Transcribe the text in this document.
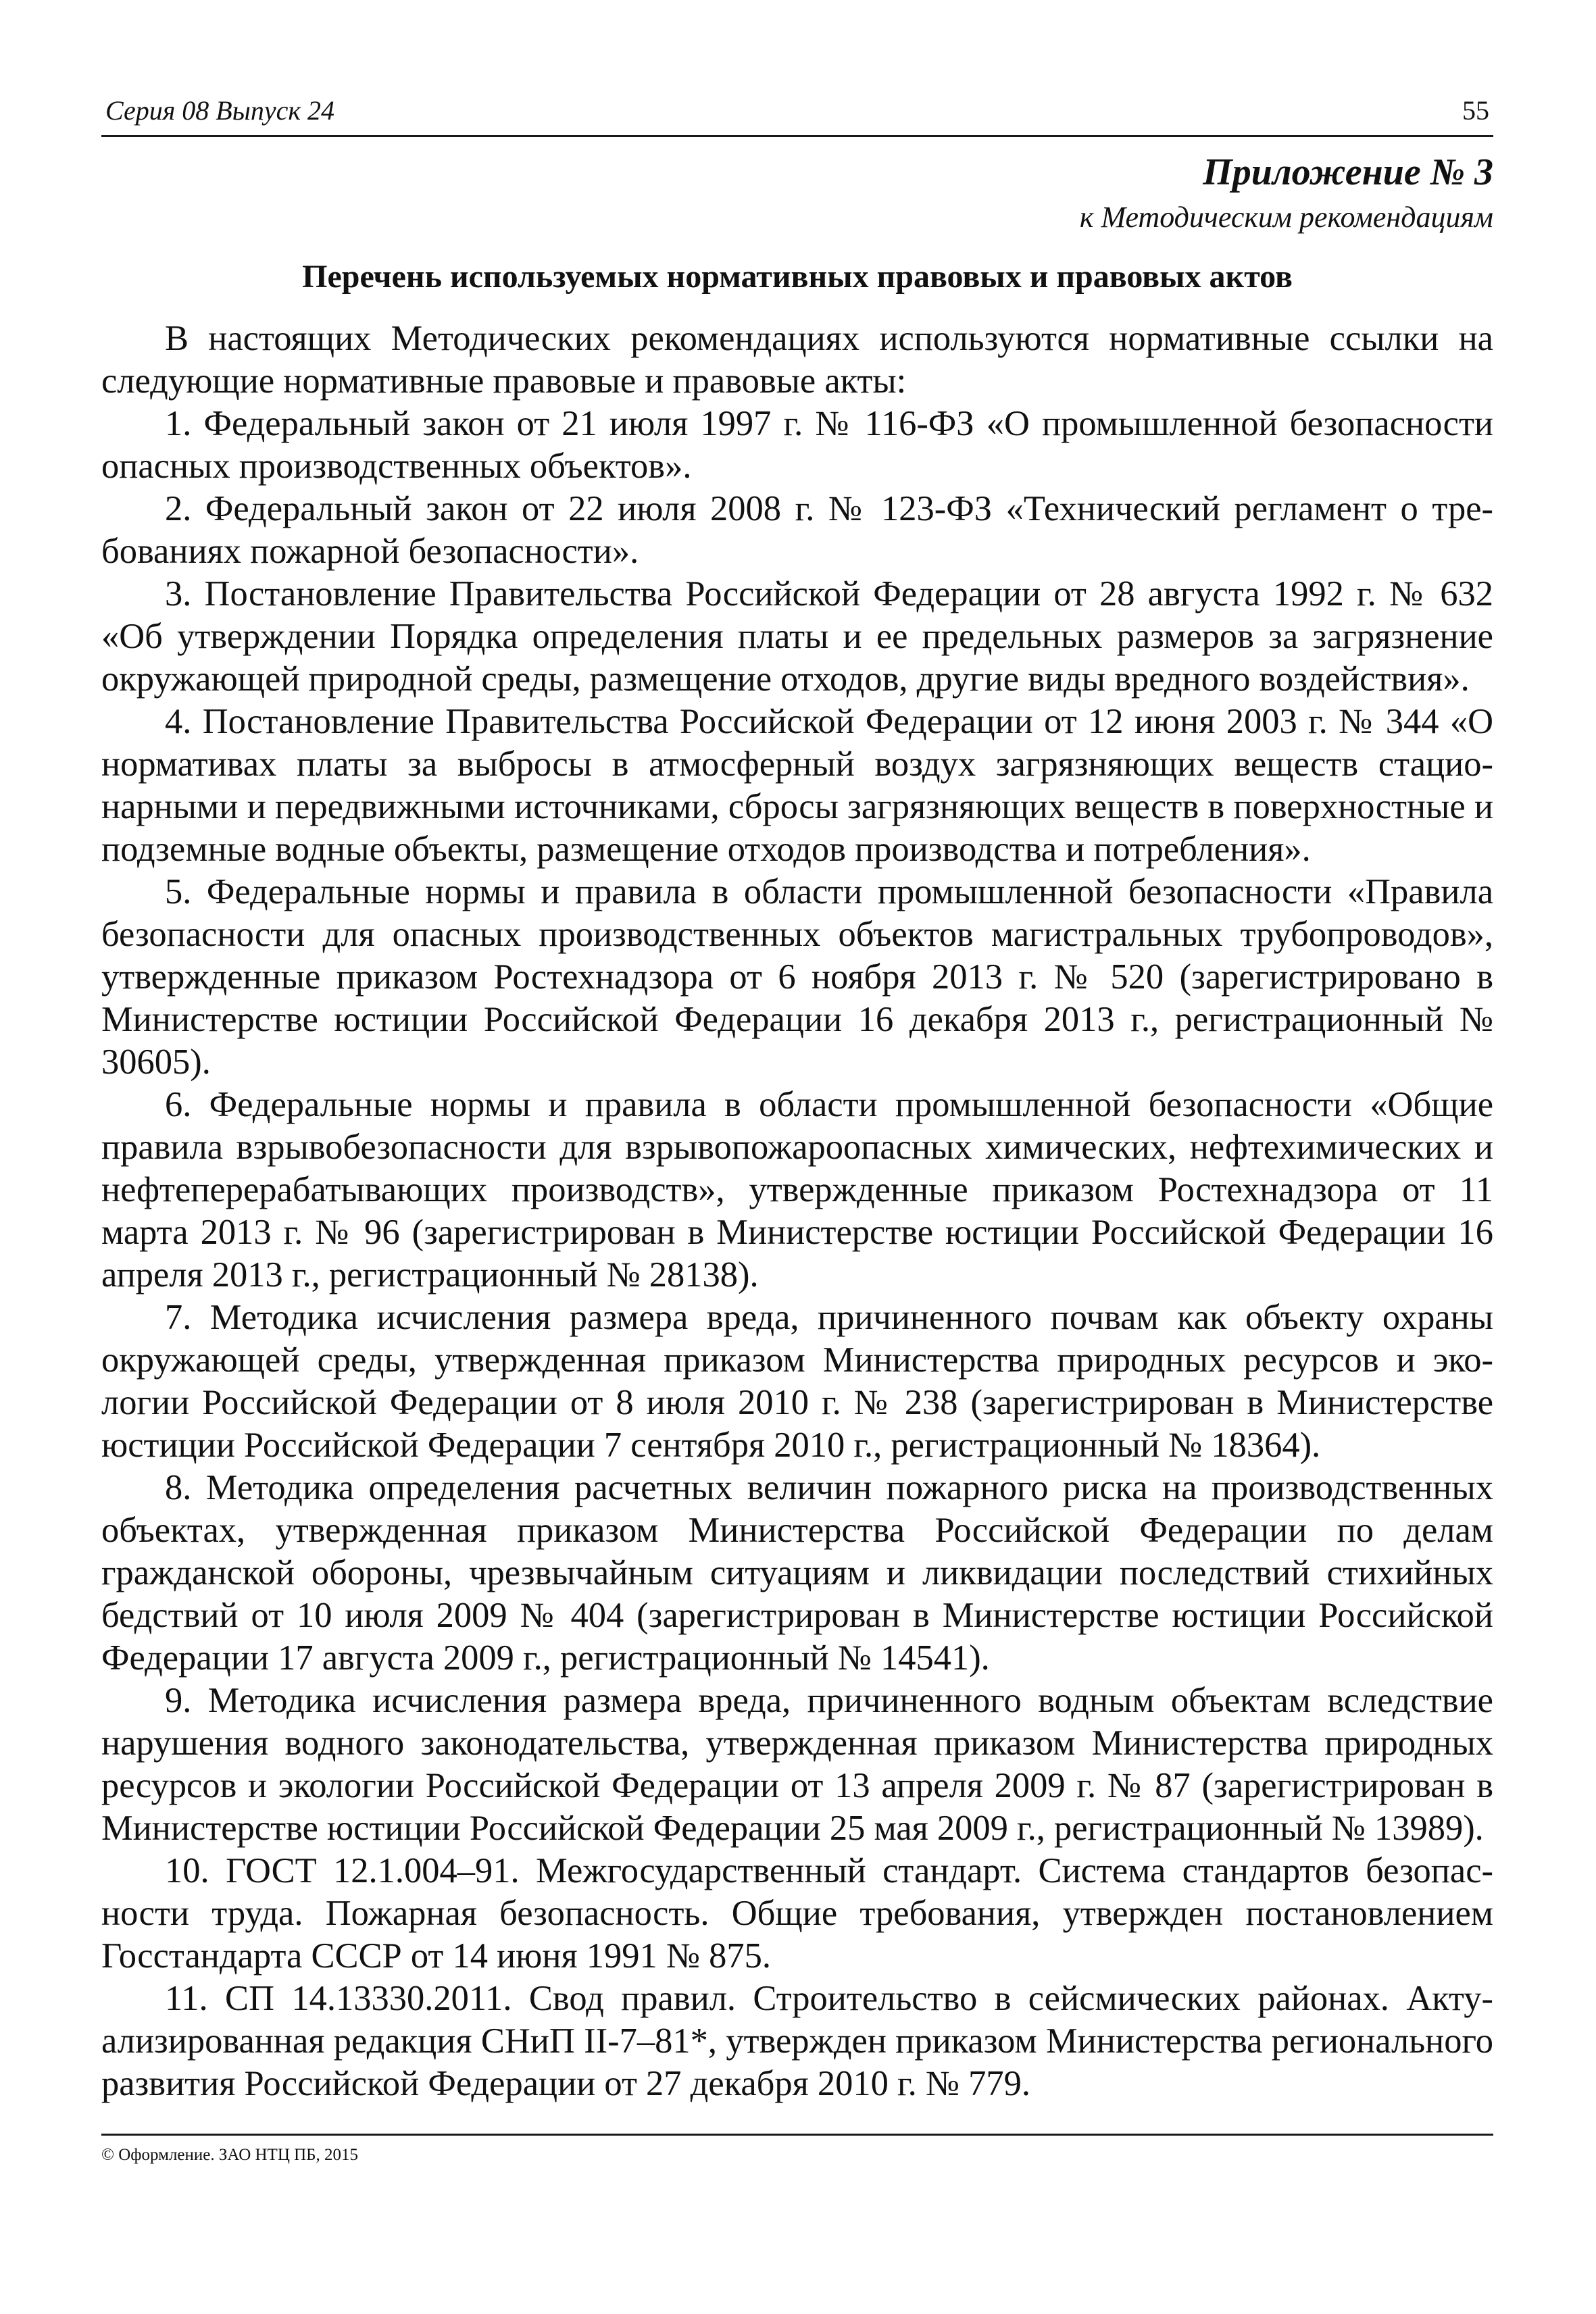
Серия 08 Выпуск 24	55
Приложение № 3
к Методическим рекомендациям
Перечень используемых нормативных правовых и правовых актов

В настоящих Методических рекомендациях используются нормативные ссылки на следующие нормативные правовые и правовые акты:

1. Федеральный закон от 21 июля 1997 г. № 116-ФЗ «О промышленной безопасности опасных производственных объектов».

2. Федеральный закон от 22 июля 2008 г. № 123-ФЗ «Технический регламент о требованиях пожарной безопасности».

3. Постановление Правительства Российской Федерации от 28 августа 1992 г. № 632 «Об утверждении Порядка определения платы и ее предельных размеров за загрязнение окружающей природной среды, размещение отходов, другие виды вредного воздействия».

4. Постановление Правительства Российской Федерации от 12 июня 2003 г. № 344 «О нормативах платы за выбросы в атмосферный воздух загрязняющих веществ стационарными и передвижными источниками, сбросы загрязняющих веществ в поверхностные и подземные водные объекты, размещение отходов производства и потребления».

5. Федеральные нормы и правила в области промышленной безопасности «Правила безопасности для опасных производственных объектов магистральных трубопроводов», утвержденные приказом Ростехнадзора от 6 ноября 2013 г. № 520 (зарегистрировано в Министерстве юстиции Российской Федерации 16 декабря 2013 г., регистрационный № 30605).

6. Федеральные нормы и правила в области промышленной безопасности «Общие правила взрывобезопасности для взрывопожароопасных химических, нефтехимических и нефтеперерабатывающих производств», утвержденные приказом Ростехнадзора от 11 марта 2013 г. № 96 (зарегистрирован в Министерстве юстиции Российской Федерации 16 апреля 2013 г., регистрационный № 28138).

7. Методика исчисления размера вреда, причиненного почвам как объекту охраны окружающей среды, утвержденная приказом Министерства природных ресурсов и экологии Российской Федерации от 8 июля 2010 г. № 238 (зарегистрирован в Министерстве юстиции Российской Федерации 7 сентября 2010 г., регистрационный № 18364).

8. Методика определения расчетных величин пожарного риска на производственных объектах, утвержденная приказом Министерства Российской Федерации по делам гражданской обороны, чрезвычайным ситуациям и ликвидации последствий стихийных бедствий от 10 июля 2009 № 404 (зарегистрирован в Министерстве юстиции Российской Федерации 17 августа 2009 г., регистрационный № 14541).

9. Методика исчисления размера вреда, причиненного водным объектам вследствие нарушения водного законодательства, утвержденная приказом Министерства природных ресурсов и экологии Российской Федерации от 13 апреля 2009 г. № 87 (зарегистрирован в Министерстве юстиции Российской Федерации 25 мая 2009 г., регистрационный № 13989).

10. ГОСТ 12.1.004–91. Межгосударственный стандарт. Система стандартов безопасности труда. Пожарная безопасность. Общие требования, утвержден постановлением Госстандарта СССР от 14 июня 1991 № 875.

11. СП 14.13330.2011. Свод правил. Строительство в сейсмических районах. Актуализированная редакция СНиП II-7–81*, утвержден приказом Министерства регионального развития Российской Федерации от 27 декабря 2010 г. № 779.

© Оформление. ЗАО НТЦ ПБ, 2015
